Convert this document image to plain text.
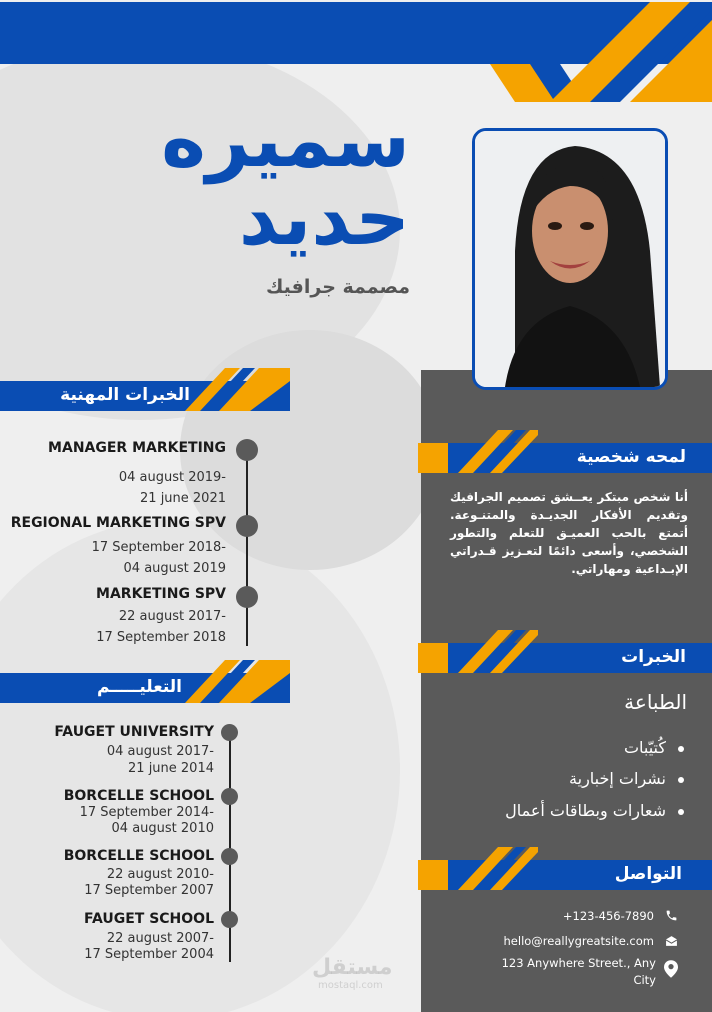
سميره
حديد
مصممة جرافيك
الخبرات المهنية
MANAGER MARKETING
04 august 2019-
21 june 2021
REGIONAL MARKETING SPV
17 September 2018-
04 august 2019
MARKETING SPV
22 august 2017-
17 September 2018
التعليـــــم
FAUGET UNIVERSITY
04 august 2017-
21 june 2014
BORCELLE SCHOOL
17 September 2014-
04 august 2010
BORCELLE SCHOOL
22 august 2010-
17 September 2007
FAUGET SCHOOL
22 august 2007-
17 September 2004
لمحه شخصية
أنا شخص مبتكر يعــشق تصميم الجرافيك وتقديم الأفكار الجديـدة والمتنـوعة. أتمتع بالحب العميـق للتعلم والتطور الشخصي، وأسعى دائمًا لتعـزيز قـدراتي الإبـداعية ومهاراتي.
الخبرات
الطباعة
كُتيّبات
نشرات إخبارية
شعارات وبطاقات أعمال
التواصل
+123-456-7890
hello@reallygreatsite.com
123 Anywhere Street., Any
City
مستقل
mostaql.com
